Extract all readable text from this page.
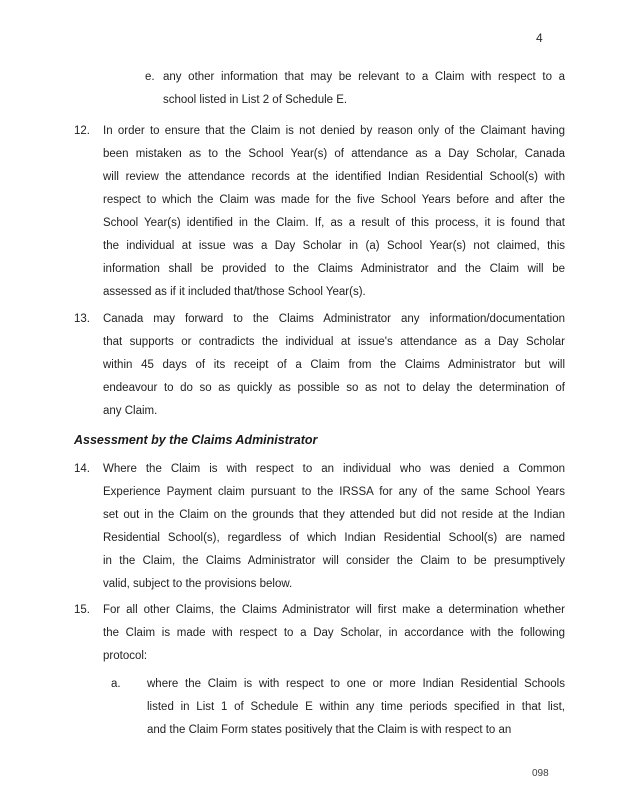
4
e. any other information that may be relevant to a Claim with respect to a
school listed in List 2 of Schedule E.
12.	In order to ensure that the Claim is not denied by reason only of the Claimant having
been mistaken as to the School Year(s) of attendance as a Day Scholar, Canada
will review the attendance records at the identified Indian Residential School(s) with
respect to which the Claim was made for the five School Years before and after the
School Year(s) identified in the Claim. If, as a result of this process, it is found that
the individual at issue was a Day Scholar in (a) School Year(s) not claimed, this
information shall be provided to the Claims Administrator and the Claim will be
assessed as if it included that/those School Year(s).
13.	Canada may forward to the Claims Administrator any information/documentation
that supports or contradicts the individual at issue's attendance as a Day Scholar
within 45 days of its receipt of a Claim from the Claims Administrator but will
endeavour to do so as quickly as possible so as not to delay the determination of
any Claim.
Assessment by the Claims Administrator
14.	Where the Claim is with respect to an individual who was denied a Common
Experience Payment claim pursuant to the IRSSA for any of the same School Years
set out in the Claim on the grounds that they attended but did not reside at the Indian
Residential School(s), regardless of which Indian Residential School(s) are named
in the Claim, the Claims Administrator will consider the Claim to be presumptively
valid, subject to the provisions below.
15.	For all other Claims, the Claims Administrator will first make a determination whether
the Claim is made with respect to a Day Scholar, in accordance with the following
protocol:
a.	where the Claim is with respect to one or more Indian Residential Schools
listed in List 1 of Schedule E within any time periods specified in that list,
and the Claim Form states positively that the Claim is with respect to an
098
